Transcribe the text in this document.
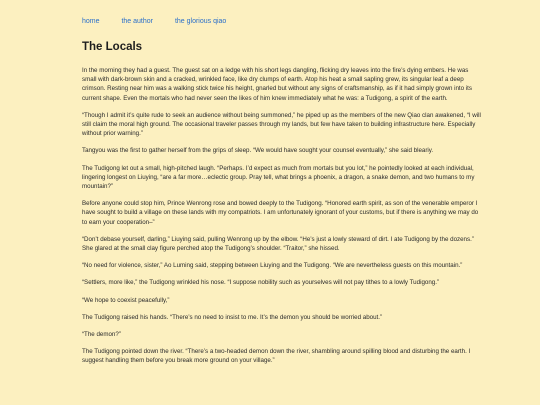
home	the author	the glorious qiao
The Locals

In the morning they had a guest. The guest sat on a ledge with his short legs dangling, flicking dry leaves into the fire’s dying embers. He was small with dark-brown skin and a cracked, wrinkled face, like dry clumps of earth. Atop his heat a small sapling grew, its singular leaf a deep crimson. Resting near him was a walking stick twice his height, gnarled but without any signs of craftsmanship, as if it had simply grown into its current shape. Even the mortals who had never seen the likes of him knew immediately what he was: a Tudigong, a spirit of the earth.

“Though I admit it’s quite rude to seek an audience without being summoned,” he piped up as the members of the new Qiao clan awakened, “I will still claim the moral high ground. The occasional traveler passes through my lands, but few have taken to building infrastructure here. Especially without prior warning.”

Tangyou was the first to gather herself from the grips of sleep. “We would have sought your counsel eventually,” she said bleariy.

The Tudigong let out a small, high-pitched laugh. “Perhaps. I’d expect as much from mortals but you lot,” he pointedly looked at each individual, lingering longest on Liuying, “are a far more…eclectic group. Pray tell, what brings a phoenix, a dragon, a snake demon, and two humans to my mountain?”

Before anyone could stop him, Prince Wenrong rose and bowed deeply to the Tudigong. “Honored earth spirit, as son of the venerable emperor I have sought to build a village on these lands with my compatriots. I am unfortunately ignorant of your customs, but if there is anything we may do to earn your cooperation–”

“Don’t debase yourself, darling,” Liuying said, pulling Wenrong up by the elbow. “He’s just a lowly steward of dirt. I ate Tudigong by the dozens.” She glared at the small clay figure perched atop the Tudigong’s shoulder. “Traitor,” she hissed.

“No need for violence, sister,” Ao Luming said, stepping between Liuying and the Tudigong. “We are nevertheless guests on this mountain.”

“Settlers, more like,” the Tudigong wrinkled his nose. “I suppose nobility such as yourselves will not pay tithes to a lowly Tudigong.”

“We hope to coexist peacefully,”

The Tudigong raised his hands. “There’s no need to insist to me. It’s the demon you should be worried about.”

“The demon?”

The Tudigong pointed down the river. “There’s a two-headed demon down the river, shambling around spilling blood and disturbing the earth. I suggest handling them before you break more ground on your village.”
